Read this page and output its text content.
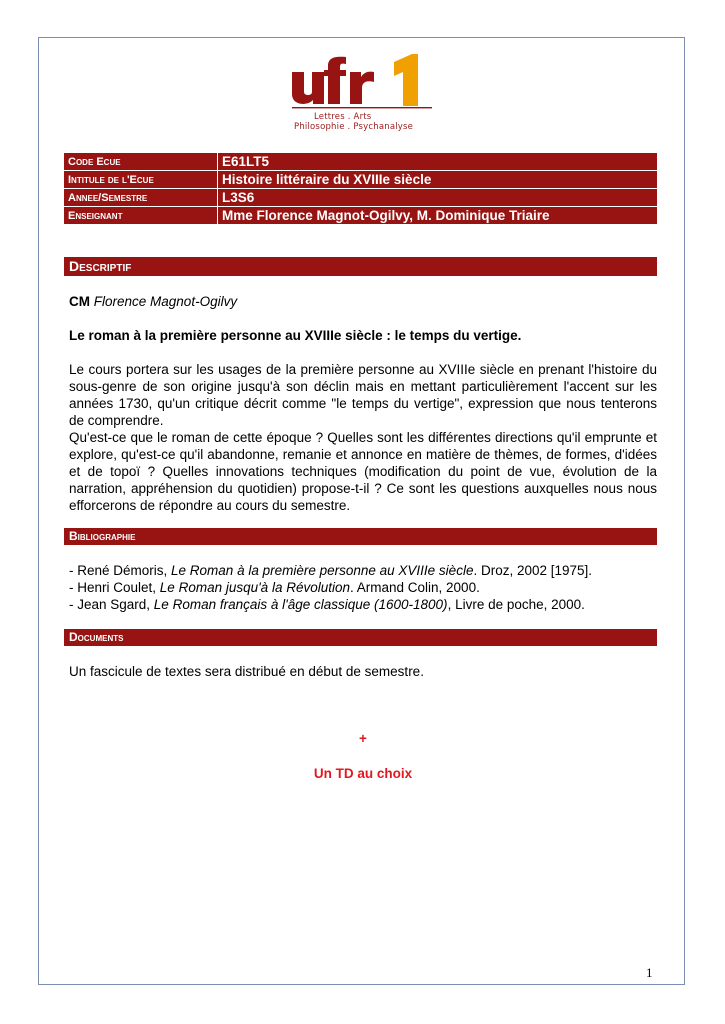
Lettres . Arts
Philosophie . Psychanalyse
Code Ecue	E61LT5
Intitule de l'Ecue	Histoire littéraire du XVIIIe siècle
Annee/Semestre	L3S6
Enseignant	Mme Florence Magnot-Ogilvy, M. Dominique Triaire
Descriptif
CM Florence Magnot-Ogilvy
Le roman à la première personne au XVIIIe siècle : le temps du vertige.
Le cours portera sur les usages de la première personne au XVIIIe siècle en prenant l'histoire du sous-genre de son origine jusqu'à son déclin mais en mettant particulièrement l'accent sur les années 1730, qu'un critique décrit comme "le temps du vertige", expression que nous tenterons de comprendre.
Qu'est-ce que le roman de cette époque ? Quelles sont les différentes directions qu'il emprunte et explore, qu'est-ce qu'il abandonne, remanie et annonce en matière de thèmes, de formes, d'idées et de topoï ? Quelles innovations techniques (modification du point de vue, évolution de la narration, appréhension du quotidien) propose-t-il ? Ce sont les questions auxquelles nous nous efforcerons de répondre au cours du semestre.
Bibliographie
- René Démoris, Le Roman à la première personne au XVIIIe siècle. Droz, 2002 [1975].
- Henri Coulet, Le Roman jusqu'à la Révolution. Armand Colin, 2000.
- Jean Sgard, Le Roman français à l'âge classique (1600-1800), Livre de poche, 2000.
Documents
Un fascicule de textes sera distribué en début de semestre.
+
Un TD au choix
1
